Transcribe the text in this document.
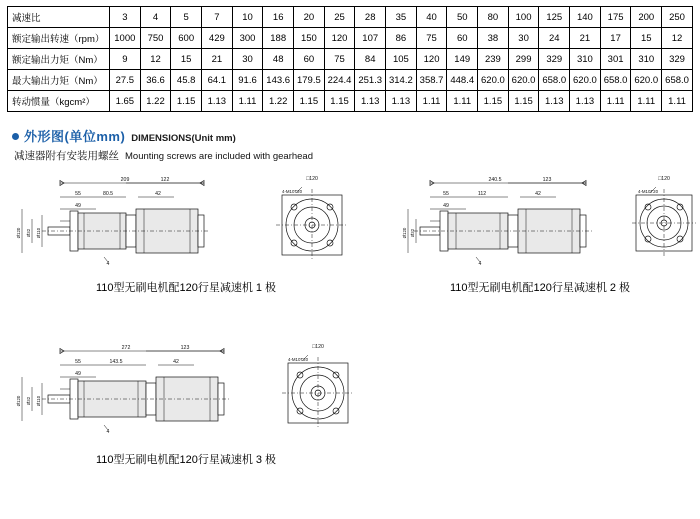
减速比	3	4	5	7	10	16	20	25	28	35	40	50	80	100	125	140	175	200	250
额定输出转速（rpm）	1000	750	600	429	300	188	150	120	107	86	75	60	38	30	24	21	17	15	12
额定输出力矩（Nm）	9	12	15	21	30	48	60	75	84	105	120	149	239	299	329	310	301	310	329
最大输出力矩（Nm）	27.5	36.6	45.8	64.1	91.6	143.6	179.5	224.4	251.3	314.2	358.7	448.4	620.0	620.0	658.0	620.0	658.0	620.0	658.0
转动惯量（kgcm²）	1.65	1.22	1.15	1.13	1.11	1.22	1.15	1.15	1.13	1.13	1.11	1.11	1.15	1.15	1.13	1.13	1.11	1.11	1.11
外形图(单位mm) DIMENSIONS(Unit mm)
减速器附有安装用螺丝 Mounting screws are included with gearhead
209	122
55	80.5	42
49
Ø120 Ø32 Ø110
4
□120
4-M10T20
240.5	123
55	112	42
49
Ø120 Ø32
4
□120
4-M10T20
110型无刷电机配120行星减速机 1 极	110型无刷电机配120行星减速机 2 极
272	123
55	143.5	42
49
Ø120 Ø32 Ø110
4
□120
4-M10T20
110型无刷电机配120行星减速机 3 极
